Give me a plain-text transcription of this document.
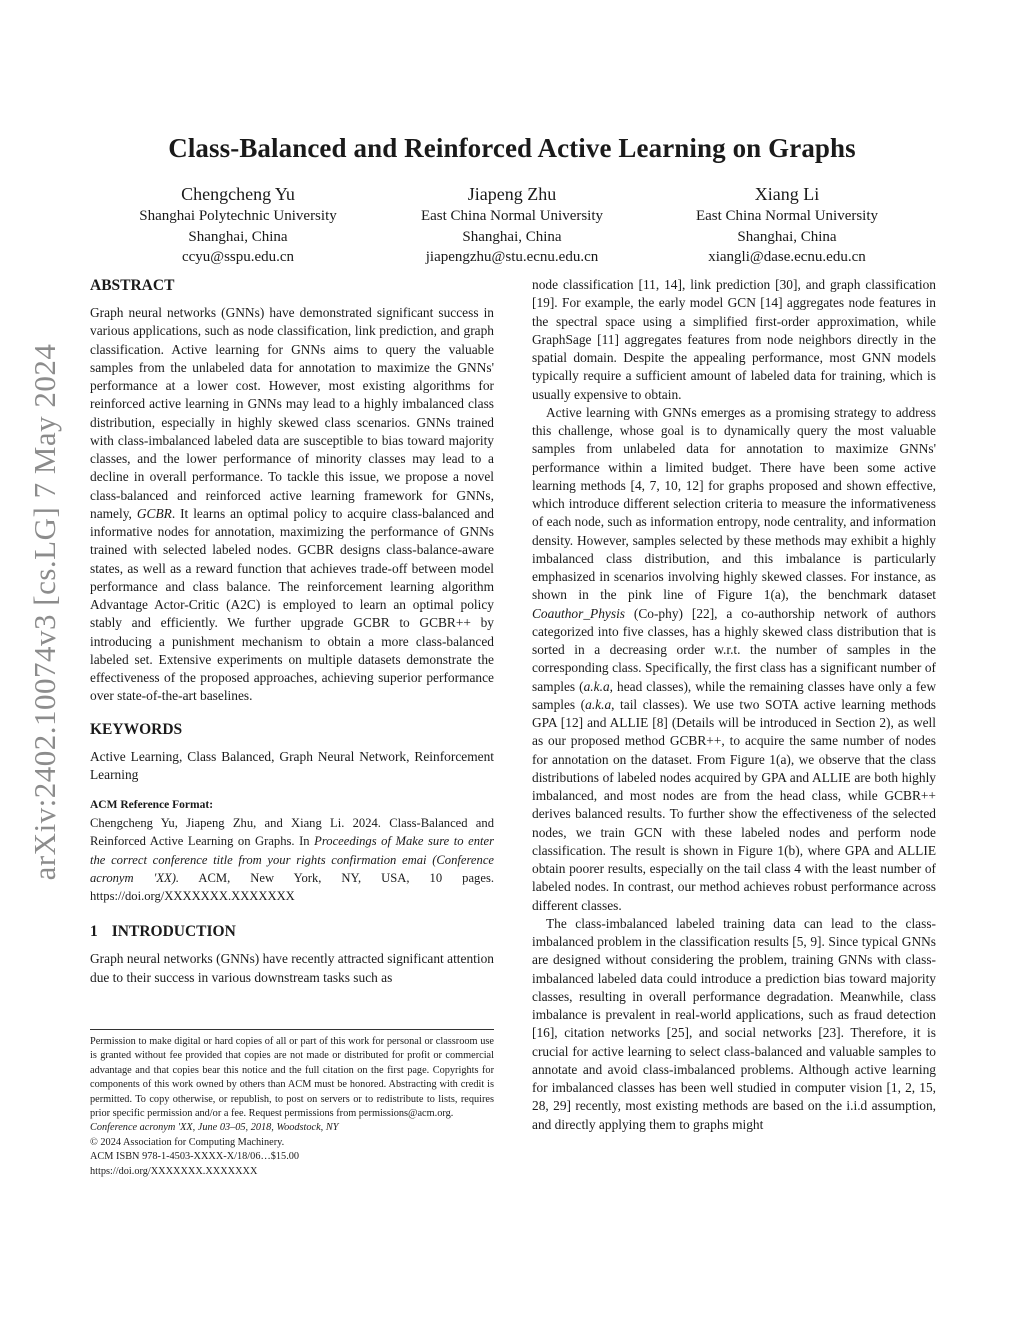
arXiv:2402.10074v3 [cs.LG] 7 May 2024
Class-Balanced and Reinforced Active Learning on Graphs
Chengcheng Yu
Shanghai Polytechnic University
Shanghai, China
ccyu@sspu.edu.cn
Jiapeng Zhu
East China Normal University
Shanghai, China
jiapengzhu@stu.ecnu.edu.cn
Xiang Li
East China Normal University
Shanghai, China
xiangli@dase.ecnu.edu.cn
ABSTRACT

Graph neural networks (GNNs) have demonstrated significant success in various applications, such as node classification, link prediction, and graph classification. Active learning for GNNs aims to query the valuable samples from the unlabeled data for annotation to maximize the GNNs' performance at a lower cost. However, most existing algorithms for reinforced active learning in GNNs may lead to a highly imbalanced class distribution, especially in highly skewed class scenarios. GNNs trained with class-imbalanced labeled data are susceptible to bias toward majority classes, and the lower performance of minority classes may lead to a decline in overall performance. To tackle this issue, we propose a novel class-balanced and reinforced active learning framework for GNNs, namely, GCBR. It learns an optimal policy to acquire class-balanced and informative nodes for annotation, maximizing the performance of GNNs trained with selected labeled nodes. GCBR designs class-balance-aware states, as well as a reward function that achieves trade-off between model performance and class balance. The reinforcement learning algorithm Advantage Actor-Critic (A2C) is employed to learn an optimal policy stably and efficiently. We further upgrade GCBR to GCBR++ by introducing a punishment mechanism to obtain a more class-balanced labeled set. Extensive experiments on multiple datasets demonstrate the effectiveness of the proposed approaches, achieving superior performance over state-of-the-art baselines.

KEYWORDS

Active Learning, Class Balanced, Graph Neural Network, Reinforcement Learning

ACM Reference Format:

Chengcheng Yu, Jiapeng Zhu, and Xiang Li. 2024. Class-Balanced and Reinforced Active Learning on Graphs. In Proceedings of Make sure to enter the correct conference title from your rights confirmation emai (Conference acronym 'XX). ACM, New York, NY, USA, 10 pages. https://doi.org/XXXXXXX.XXXXXXX

1 INTRODUCTION

Graph neural networks (GNNs) have recently attracted significant attention due to their success in various downstream tasks such as

Permission to make digital or hard copies of all or part of this work for personal or classroom use is granted without fee provided that copies are not made or distributed for profit or commercial advantage and that copies bear this notice and the full citation on the first page. Copyrights for components of this work owned by others than ACM must be honored. Abstracting with credit is permitted. To copy otherwise, or republish, to post on servers or to redistribute to lists, requires prior specific permission and/or a fee. Request permissions from permissions@acm.org.

Conference acronym 'XX, June 03–05, 2018, Woodstock, NY

© 2024 Association for Computing Machinery.

ACM ISBN 978-1-4503-XXXX-X/18/06…$15.00

https://doi.org/XXXXXXX.XXXXXXX

node classification [11, 14], link prediction [30], and graph classification [19]. For example, the early model GCN [14] aggregates node features in the spectral space using a simplified first-order approximation, while GraphSage [11] aggregates features from node neighbors directly in the spatial domain. Despite the appealing performance, most GNN models typically require a sufficient amount of labeled data for training, which is usually expensive to obtain.

Active learning with GNNs emerges as a promising strategy to address this challenge, whose goal is to dynamically query the most valuable samples from unlabeled data for annotation to maximize GNNs' performance within a limited budget. There have been some active learning methods [4, 7, 10, 12] for graphs proposed and shown effective, which introduce different selection criteria to measure the informativeness of each node, such as information entropy, node centrality, and information density. However, samples selected by these methods may exhibit a highly imbalanced class distribution, and this imbalance is particularly emphasized in scenarios involving highly skewed classes. For instance, as shown in the pink line of Figure 1(a), the benchmark dataset Coauthor_Physis (Co-phy) [22], a co-authorship network of authors categorized into five classes, has a highly skewed class distribution that is sorted in a decreasing order w.r.t. the number of samples in the corresponding class. Specifically, the first class has a significant number of samples (a.k.a, head classes), while the remaining classes have only a few samples (a.k.a, tail classes). We use two SOTA active learning methods GPA [12] and ALLIE [8] (Details will be introduced in Section 2), as well as our proposed method GCBR++, to acquire the same number of nodes for annotation on the dataset. From Figure 1(a), we observe that the class distributions of labeled nodes acquired by GPA and ALLIE are both highly imbalanced, and most nodes are from the head class, while GCBR++ derives balanced results. To further show the effectiveness of the selected nodes, we train GCN with these labeled nodes and perform node classification. The result is shown in Figure 1(b), where GPA and ALLIE obtain poorer results, especially on the tail class 4 with the least number of labeled nodes. In contrast, our method achieves robust performance across different classes.

The class-imbalanced labeled training data can lead to the class-imbalanced problem in the classification results [5, 9]. Since typical GNNs are designed without considering the problem, training GNNs with class-imbalanced labeled data could introduce a prediction bias toward majority classes, resulting in overall performance degradation. Meanwhile, class imbalance is prevalent in real-world applications, such as fraud detection [16], citation networks [25], and social networks [23]. Therefore, it is crucial for active learning to select class-balanced and valuable samples to annotate and avoid class-imbalanced problems. Although active learning for imbalanced classes has been well studied in computer vision [1, 2, 15, 28, 29] recently, most existing methods are based on the i.i.d assumption, and directly applying them to graphs might
